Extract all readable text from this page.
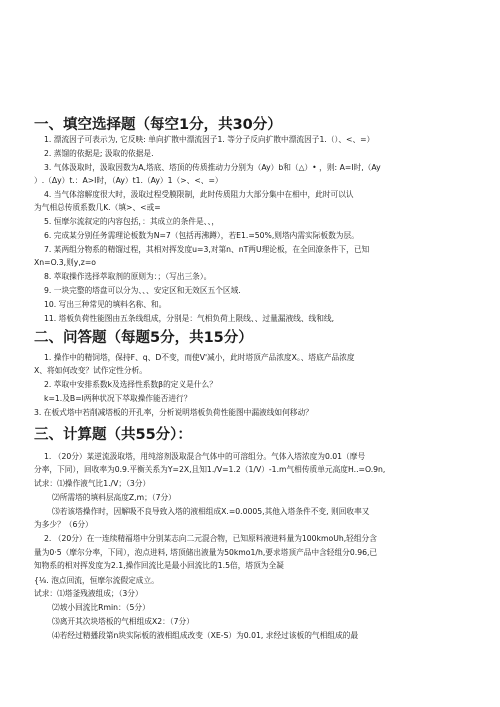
一、填空选择题（每空1分，共30分）
1. 漂流因子可表示为, 它反映: 单向扩散中漂流因子1. 等分子反向扩散中漂流因子1.（）、<、=）
2. 蒸馏的依据是; 汲取的依据是.
3. 气体汲取时，汲取因数为A,塔底、塔顶的传质推动力分别为（Ay）b和（△）• ，则: A=I时,（Ay
）.（Δy）t.：A>I时，（Ay）t1.（Ay）1（>、<、=）
4. 当气体溶解度很大时，汲取过程受膜限制，此时传质阻力大部分集中在相中，此时可以认
为气相总传质系数几K.（填>、<或=
5. 恒摩尔流叙定的内容包括，：其成立的条件是、、，
6. 完成某分别任务需理论板数为N=7（包括再沸蹲），若E1.=50%,则塔内需实际板数为层。
7. 某两组分物系的精馏过程，其相对挥发度u=3,对第n、nT两U理论板，在全回潦条件下，已知
Xn=O.3,则y,z=o
8. 萃取操作选择萃取剂的原则为：；（写出三条）。
9. 一块完整的塔盘可以分为、、、安定区和无效区五个区域.
10. 写出三种常见的填料名称、和。
11. 塔板负荷性能图由五条线组成，分别是：气相负荷上限线、、过量漏液线、线和线,
二、问答题（每题5分，共15分）
1. 操作中的精饲塔，保持F、q、D不变，而使V'减小，此时塔顶产品浓度X。、塔底产品浓度
X、将如何改变？试作定性分析。
2. 萃取中安排系数k及选择性系数β的定义是什么？
k=1.及B=l两种状况下萃取操作能否进行？
3. 在板式塔中若削减塔板的开孔率，分析说明塔板负荷性能图中漏液线如何移动？
三、计算题（共55分）：
1. （20分）某逆流汲取塔，用纯溶剂汲取混合气体中的可溶组分。气体入塔浓度为0.01（摩号
分率，下同），回收率为0.9.平衡关系为Y=2X,且知1./V=1.2（1/V）-1.m气相传质单元高度H..=O.9n,
试求：⑴操作液气比1./V；（3分）
⑵所需塔的填料层高度Z,m；（7分）
⑶若该塔操作时，因解吸不良导致入塔的液相组成X.=0.0005,其他入塔条件不变, 则回收率又
为多少？（6分）
2. （20分）在一连续精福塔中分别某志向二元混合物，已知原料液进料量为100kmoUh,轻组分含
量为0·5（摩尔分率，下同），泡点进料, 塔顶储出液量为50kmo1/h,要求塔顶产品中含轻组分0.96,已
知物系的相对挥发度为2.1,操作回流比是最小回流比的1.5倍，塔顶为全凝
{⅛. 泡点回流，恒摩尔流假定成立。
试求：⑴塔釜残液组成；（3分）
⑵坡小回流比Rmin：（5分）
⑶离开其次块塔板的气相组成X2：（7分）
⑷若经过精播段第n块实际板的液相组成改变（XE-S）为0.01, 求经过该板的气相组成的最
